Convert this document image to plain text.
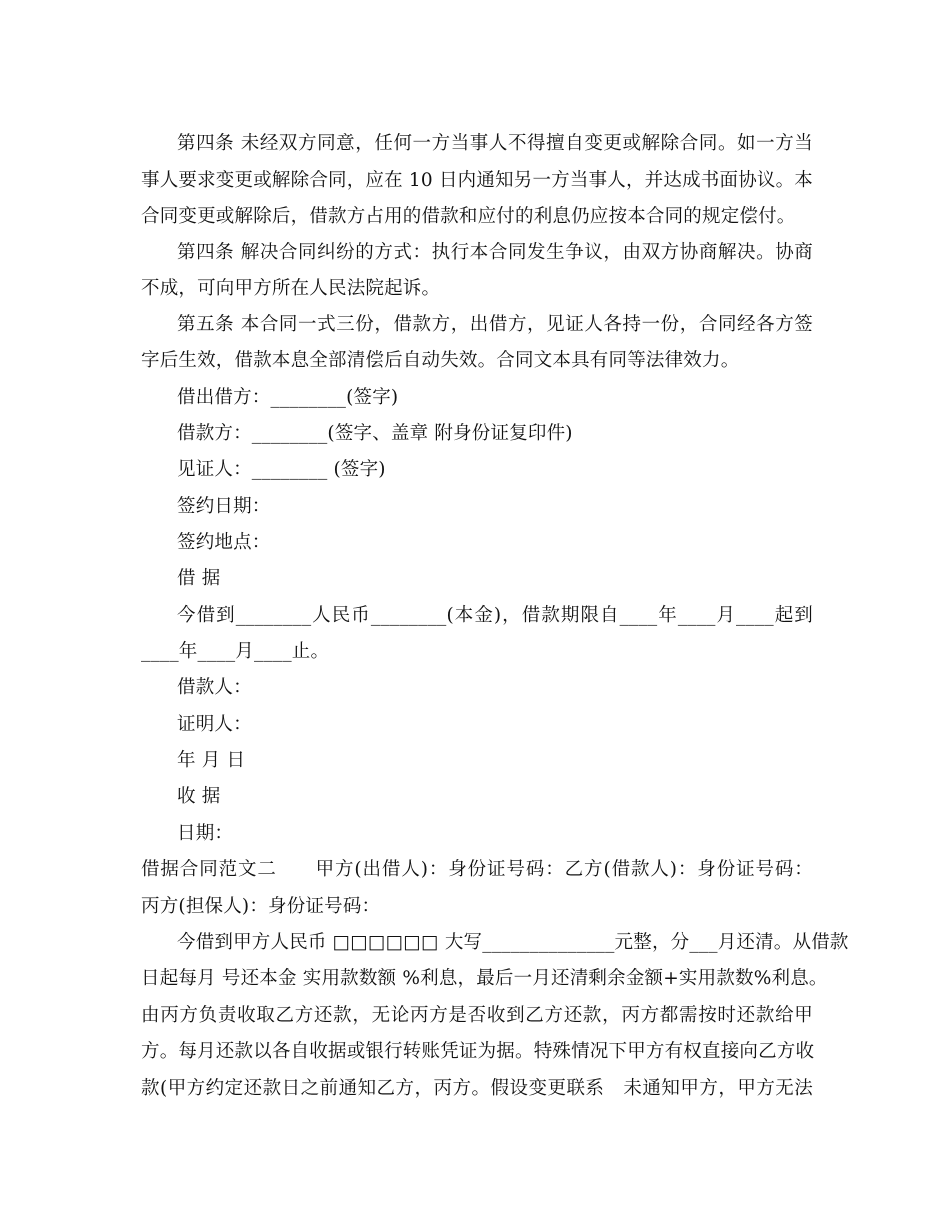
第四条 未经双方同意，任何一方当事人不得擅自变更或解除合同。如一方当
事人要求变更或解除合同，应在 10 日内通知另一方当事人，并达成书面协议。本
合同变更或解除后，借款方占用的借款和应付的利息仍应按本合同的规定偿付。
第四条 解决合同纠纷的方式：执行本合同发生争议，由双方协商解决。协商
不成，可向甲方所在人民法院起诉。
第五条 本合同一式三份，借款方，出借方，见证人各持一份，合同经各方签
字后生效，借款本息全部清偿后自动失效。合同文本具有同等法律效力。
借出借方：________(签字)
借款方：________(签字、盖章 附身份证复印件)
见证人：________ (签字)
签约日期：
签约地点：
借 据
今借到________人民币________(本金)，借款期限自____年____月____起到
____年____月____止。
借款人：
证明人：
年 月 日
收 据
日期：
借据合同范文二　　甲方(出借人)：身份证号码：乙方(借款人)：身份证号码：
丙方(担保人)：身份证号码：
今借到甲方人民币 □□□□□□ 大写______________元整，分___月还清。从借款
日起每月 号还本金 实用款数额 %利息，最后一月还清剩余金额+实用款数%利息。
由丙方负责收取乙方还款，无论丙方是否收到乙方还款，丙方都需按时还款给甲
方。每月还款以各自收据或银行转账凭证为据。特殊情况下甲方有权直接向乙方收
款(甲方约定还款日之前通知乙方，丙方。假设变更联系　未通知甲方，甲方无法
